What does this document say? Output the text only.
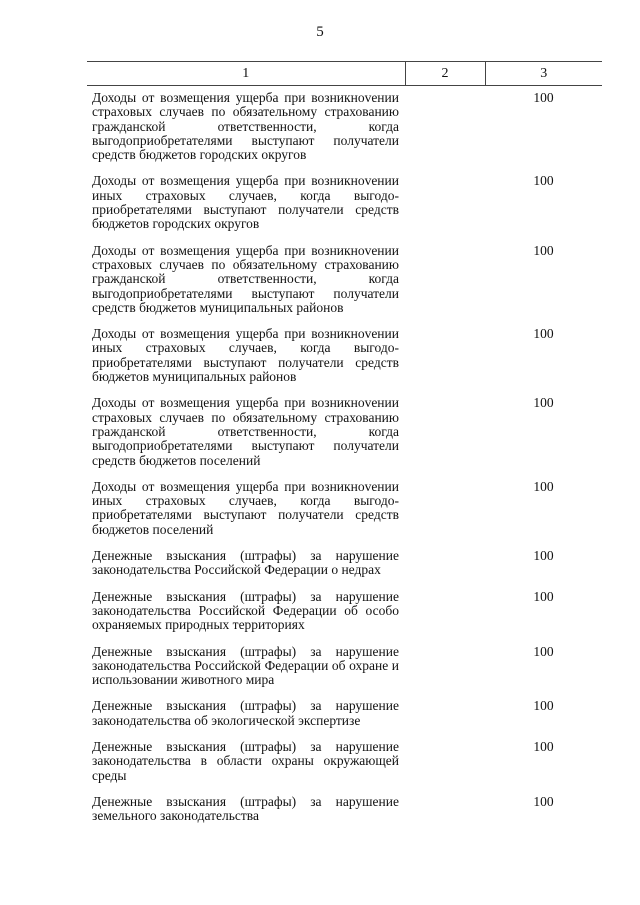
5
1	2	3
Доходы от возмещения ущерба при возникноvении страховых случаев по обязательному страхованию гражданской ответственности, когда выгодоприобретателями выступают получатели средств бюджетов городских округов		100
Доходы от возмещения ущерба при возникноvении иных страховых случаев, когда выгодоприобретателями выступают получатели средств бюджетов городских округов		100
Доходы от возмещения ущерба при возникноvении страховых случаев по обязательному страхованию гражданской ответственности, когда выгодоприобретателями выступают получатели средств бюджетов муниципальных районов		100
Доходы от возмещения ущерба при возникноvении иных страховых случаев, когда выгодоприобретателями выступают получатели средств бюджетов муниципальных районов		100
Доходы от возмещения ущерба при возникноvении страховых случаев по обязательному страхованию гражданской ответственности, когда выгодоприобретателями выступают получатели средств бюджетов поселений		100
Доходы от возмещения ущерба при возникноvении иных страховых случаев, когда выгодоприобретателями выступают получатели средств бюджетов поселений		100
Денежные взыскания (штрафы) за нарушение законодательства Российской Федерации о недрах		100
Денежные взыскания (штрафы) за нарушение законодательства Российской Федерации об особо охраняемых природных территориях		100
Денежные взыскания (штрафы) за нарушение законодательства Российской Федерации об охране и использовании животного мира		100
Денежные взыскания (штрафы) за нарушение законодательства об экологической экспертизе		100
Денежные взыскания (штрафы) за нарушение законодательства в области охраны окружающей среды		100
Денежные взыскания (штрафы) за нарушение земельного законодательства		100
